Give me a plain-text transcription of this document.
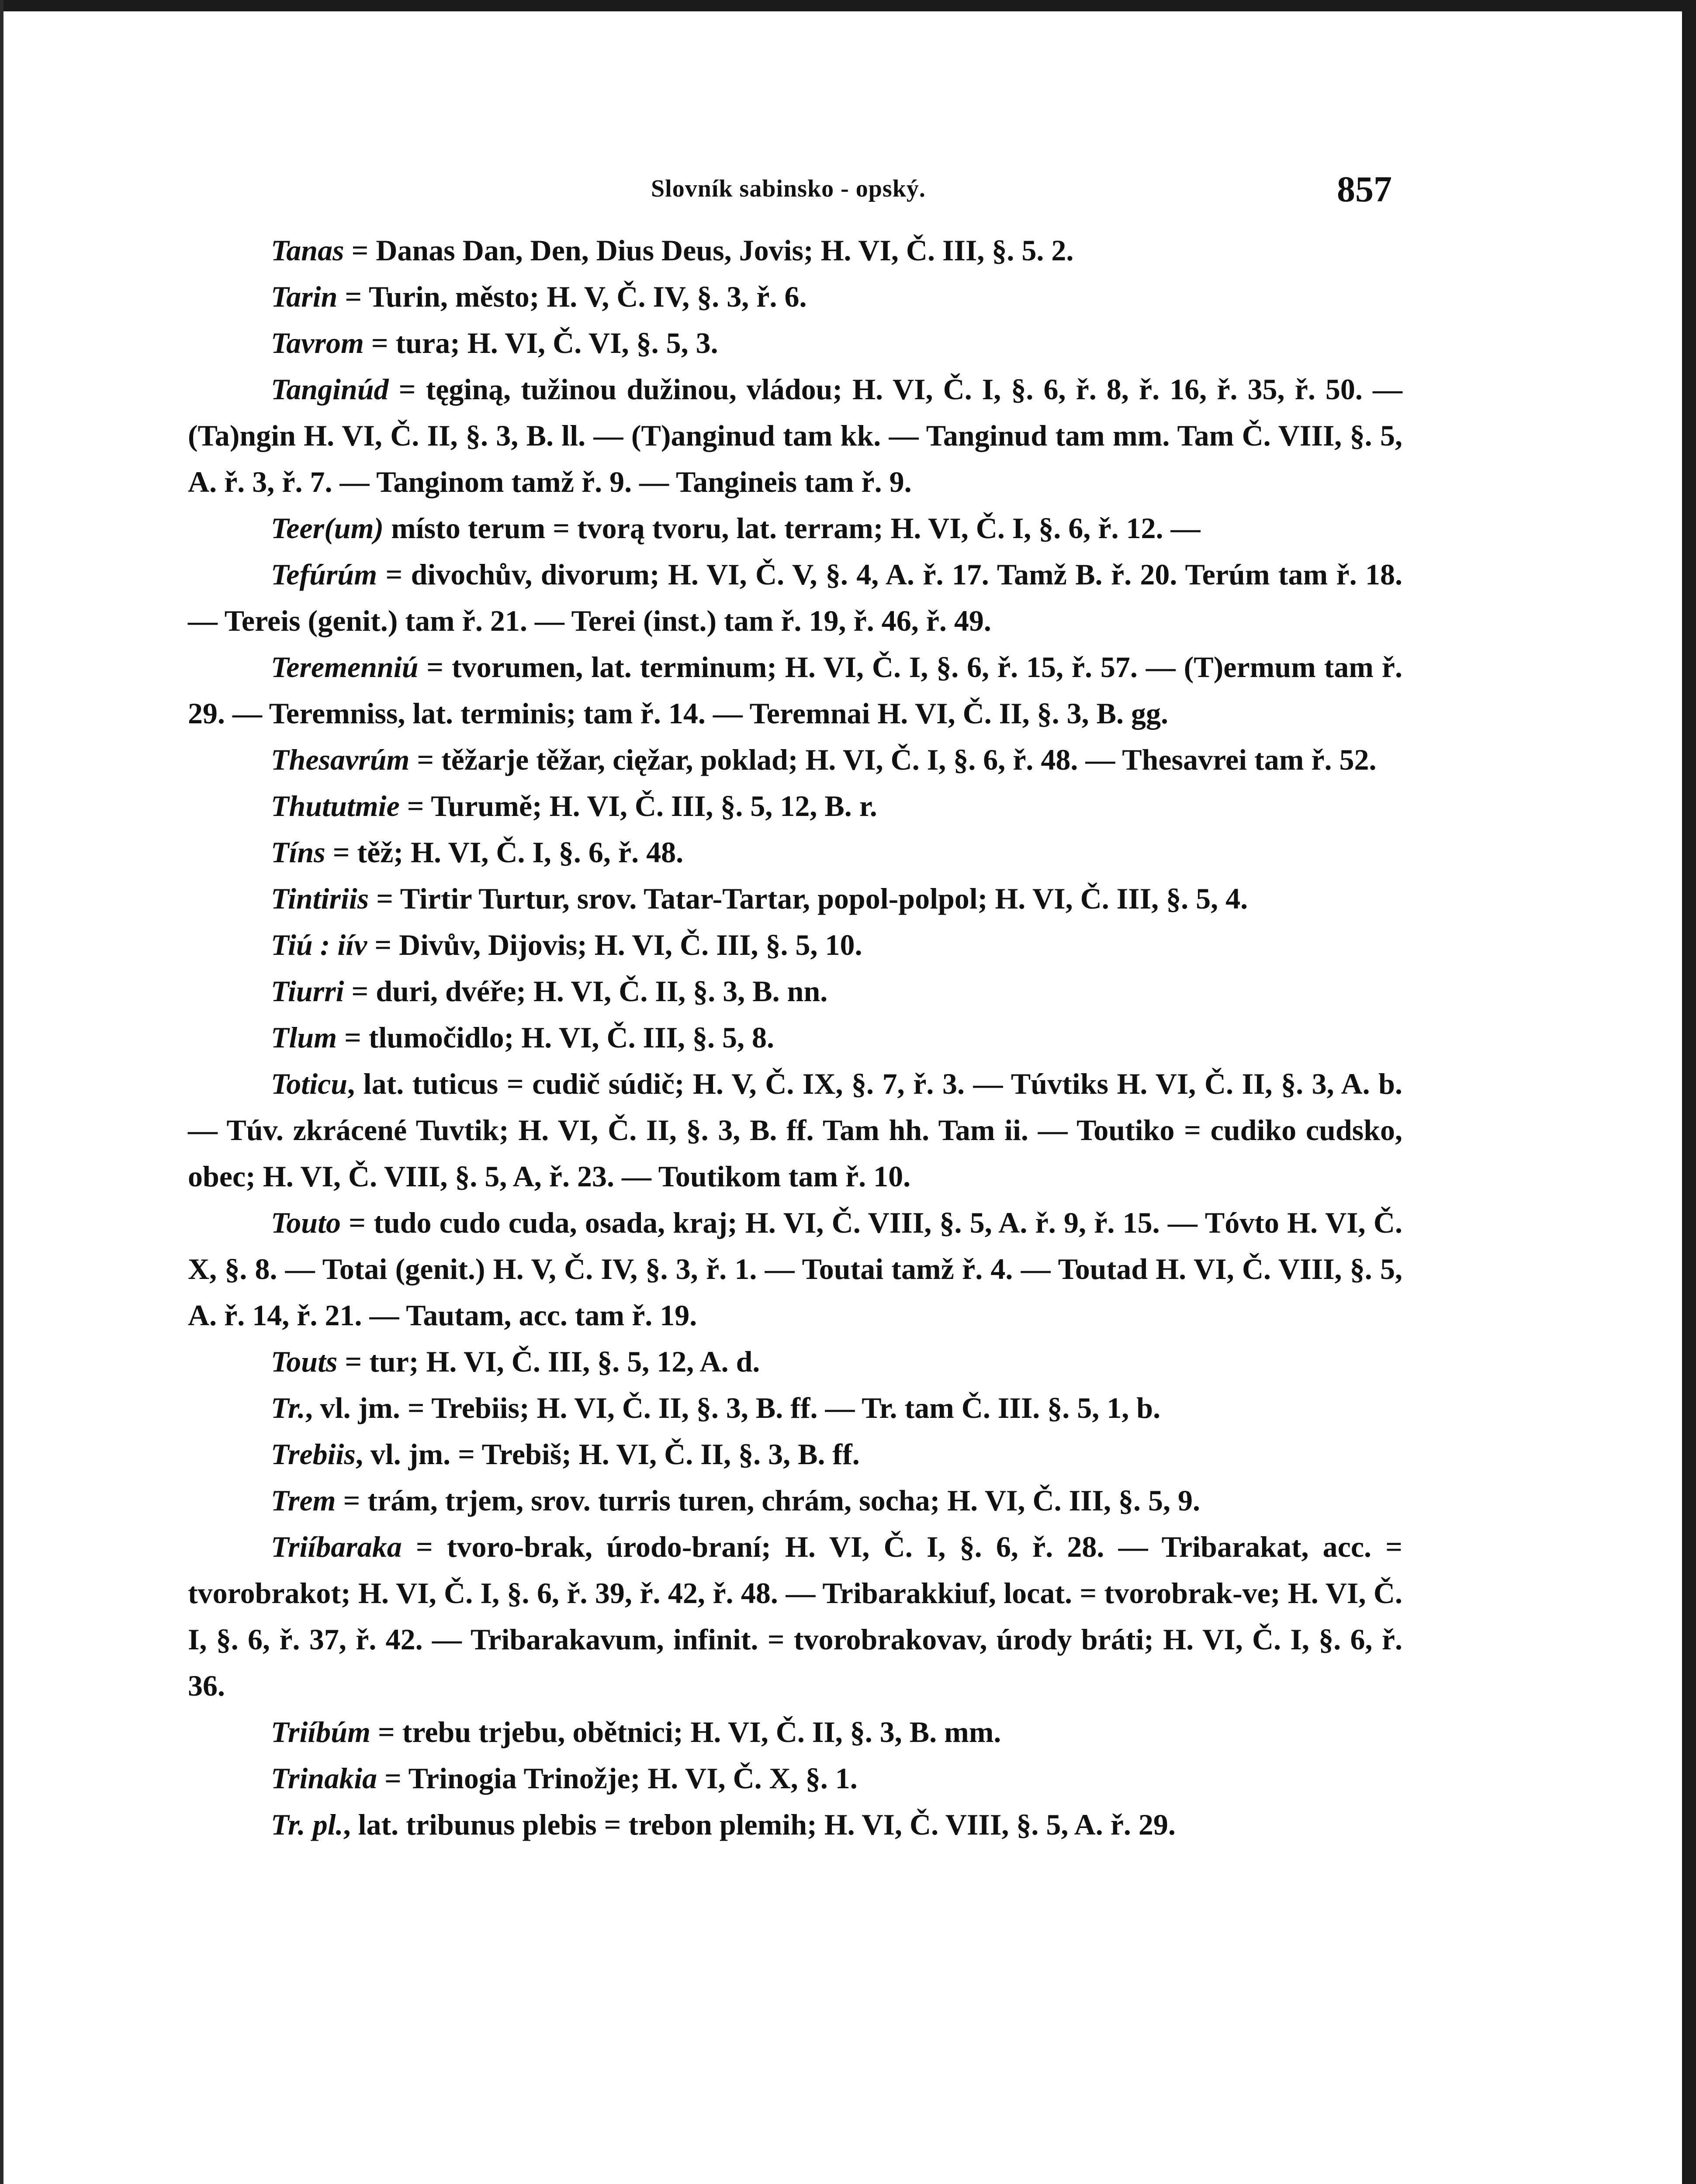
Slovník sabinsko - opský.	857

Tanas = Danas Dan, Den, Dius Deus, Jovis; H. VI, Č. III, §. 5. 2.

Tarin = Turin, město; H. V, Č. IV, §. 3, ř. 6.

Tavrom = tura; H. VI, Č. VI, §. 5, 3.

Tanginúd = tęginą, tužinou dužinou, vládou; H. VI, Č. I, §. 6, ř. 8, ř. 16, ř. 35, ř. 50. — (Ta)ngin H. VI, Č. II, §. 3, B. ll. — (T)anginud tam kk. — Tanginud tam mm. Tam Č. VIII, §. 5, A. ř. 3, ř. 7. — Tanginom tamž ř. 9. — Tangineis tam ř. 9.

Teer(um) místo terum = tvorą tvoru, lat. terram; H. VI, Č. I, §. 6, ř. 12. —

Tefúrúm = divochův, divorum; H. VI, Č. V, §. 4, A. ř. 17. Tamž B. ř. 20. Terúm tam ř. 18. — Tereis (genit.) tam ř. 21. — Terei (inst.) tam ř. 19, ř. 46, ř. 49.

Teremenniú = tvorumen, lat. terminum; H. VI, Č. I, §. 6, ř. 15, ř. 57. — (T)ermum tam ř. 29. — Teremniss, lat. terminis; tam ř. 14. — Teremnai H. VI, Č. II, §. 3, B. gg.

Thesavrúm = těžarje těžar, cięžar, poklad; H. VI, Č. I, §. 6, ř. 48. — Thesavrei tam ř. 52.

Thututmie = Turumě; H. VI, Č. III, §. 5, 12, B. r.

Tíns = těž; H. VI, Č. I, §. 6, ř. 48.

Tintiriis = Tirtir Turtur, srov. Tatar-Tartar, popol-polpol; H. VI, Č. III, §. 5, 4.

Tiú : iív = Divův, Dijovis; H. VI, Č. III, §. 5, 10.

Tiurri = duri, dvéře; H. VI, Č. II, §. 3, B. nn.

Tlum = tlumočidlo; H. VI, Č. III, §. 5, 8.

Toticu, lat. tuticus = cudič súdič; H. V, Č. IX, §. 7, ř. 3. — Túvtiks H. VI, Č. II, §. 3, A. b. — Túv. zkrácené Tuvtik; H. VI, Č. II, §. 3, B. ff. Tam hh. Tam ii. — Toutiko = cudiko cudsko, obec; H. VI, Č. VIII, §. 5, A, ř. 23. — Toutikom tam ř. 10.

Touto = tudo cudo cuda, osada, kraj; H. VI, Č. VIII, §. 5, A. ř. 9, ř. 15. — Tóvto H. VI, Č. X, §. 8. — Totai (genit.) H. V, Č. IV, §. 3, ř. 1. — Toutai tamž ř. 4. — Toutad H. VI, Č. VIII, §. 5, A. ř. 14, ř. 21. — Tautam, acc. tam ř. 19.

Touts = tur; H. VI, Č. III, §. 5, 12, A. d.

Tr., vl. jm. = Trebiis; H. VI, Č. II, §. 3, B. ff. — Tr. tam Č. III. §. 5, 1, b.

Trebiis, vl. jm. = Trebiš; H. VI, Č. II, §. 3, B. ff.

Trem = trám, trjem, srov. turris turen, chrám, socha; H. VI, Č. III, §. 5, 9.

Triíbaraka = tvoro-brak, úrodo-braní; H. VI, Č. I, §. 6, ř. 28. — Tribarakat, acc. = tvorobrakot; H. VI, Č. I, §. 6, ř. 39, ř. 42, ř. 48. — Tribarakkiuf, locat. = tvorobrak-ve; H. VI, Č. I, §. 6, ř. 37, ř. 42. — Tribarakavum, infinit. = tvorobrakovav, úrody bráti; H. VI, Č. I, §. 6, ř. 36.

Triíbúm = trebu trjebu, obětnici; H. VI, Č. II, §. 3, B. mm.

Trinakia = Trinogia Trinožje; H. VI, Č. X, §. 1.

Tr. pl., lat. tribunus plebis = trebon plemih; H. VI, Č. VIII, §. 5, A. ř. 29.
